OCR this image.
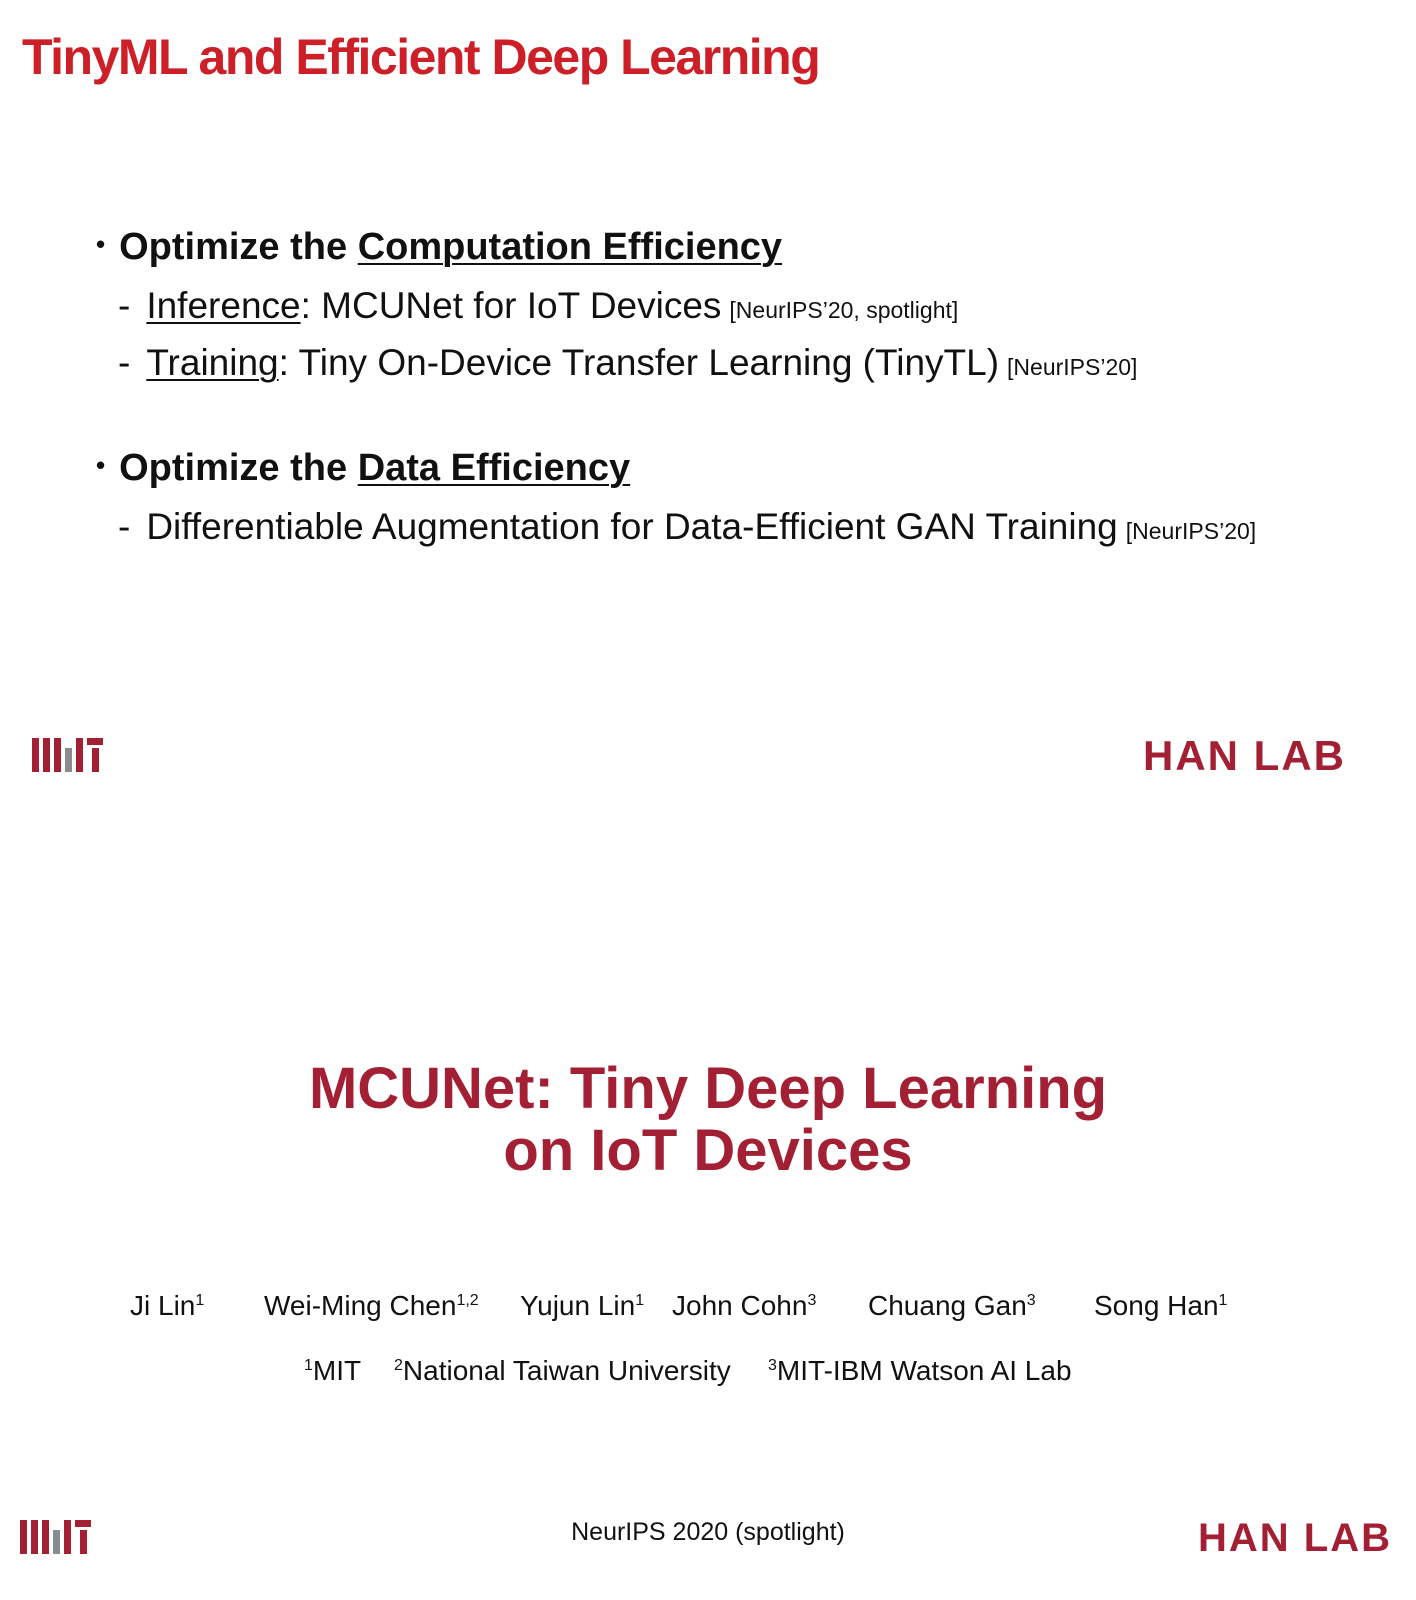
TinyML and Efficient Deep Learning
• Optimize the Computation Efficiency
- Inference: MCUNet for IoT Devices [NeurIPS’20, spotlight]
- Training: Tiny On-Device Transfer Learning (TinyTL) [NeurIPS’20]
• Optimize the Data Efficiency
- Differentiable Augmentation for Data-Efficient GAN Training [NeurIPS’20]
HAN LAB
MCUNet: Tiny Deep Learning
on IoT Devices
Ji Lin$^1$ Wei-Ming Chen$^{1,2}$ Yujun Lin$^1$ John Cohn$^3$ Chuang Gan$^3$ Song Han$^1$
$^1$MIT $^2$National Taiwan University $^3$MIT-IBM Watson AI Lab
NeurIPS 2020 (spotlight)	HAN LAB
